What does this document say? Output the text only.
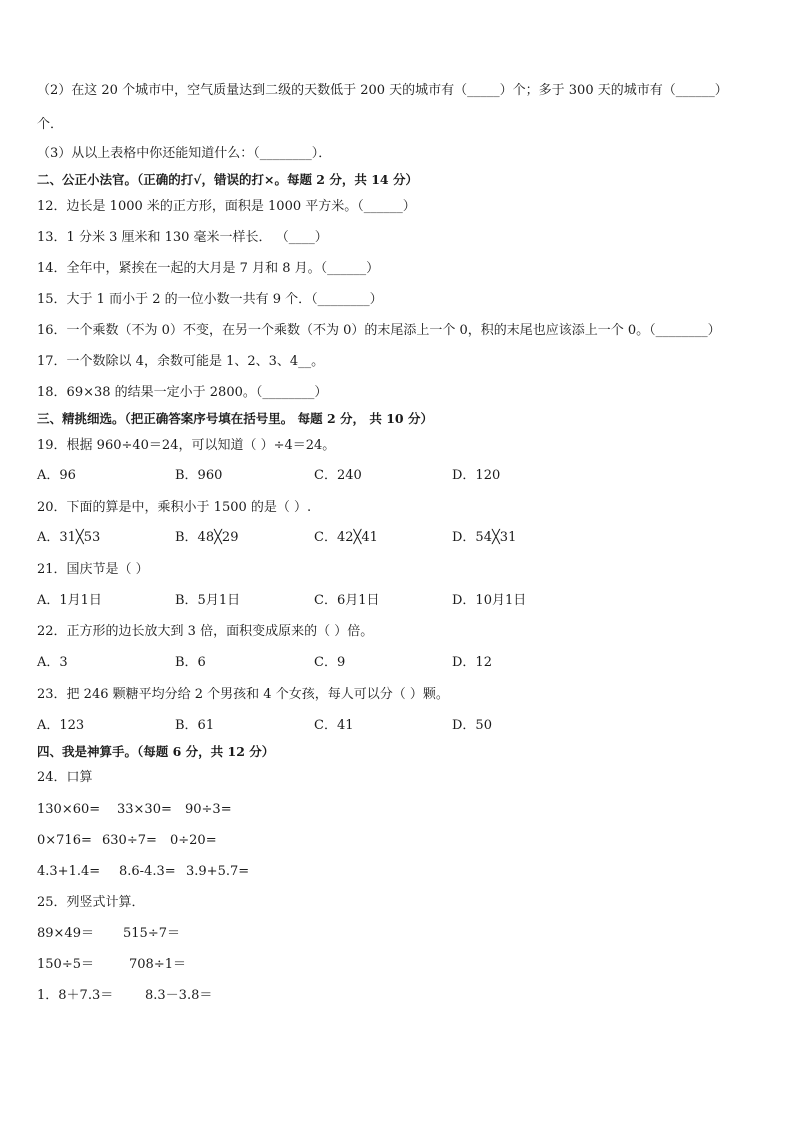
（2）在这 20 个城市中，空气质量达到二级的天数低于 200 天的城市有（_____）个；多于 300 天的城市有（______）
个．
（3）从以上表格中你还能知道什么：（________）．
二、公正小法官。（正确的打√，错误的打×。每题 2 分，共 14 分）
12．边长是 1000 米的正方形，面积是 1000 平方米。（______）
13．1 分米 3 厘米和 130 毫米一样长． （____）
14．全年中，紧挨在一起的大月是 7 月和 8 月。（______）
15．大于 1 而小于 2 的一位小数一共有 9 个．（________）
16．一个乘数（不为 0）不变，在另一个乘数（不为 0）的末尾添上一个 0，积的末尾也应该添上一个 0。（________）
17．一个数除以 4，余数可能是 1、2、3、4__。
18．69×38 的结果一定小于 2800。（________）
三、精挑细选。（把正确答案序号填在括号里。 每题 2 分， 共 10 分）
19．根据 960÷40＝24，可以知道（ ）÷4＝24。
A．96	B．960	C．240	D．120
20．下面的算是中，乘积小于 1500 的是（ ）.
A．31╳53	B．48╳29	C．42╳41	D．54╳31
21．国庆节是（ ）
A．1月1日	B．5月1日	C．6月1日	D．10月1日
22．正方形的边长放大到 3 倍，面积变成原来的（ ）倍。
A．3	B．6	C．9	D．12
23．把 246 颗糖平均分给 2 个男孩和 4 个女孩，每人可以分（ ）颗。
A．123	B．61	C．41	D．50
四、我是神算手。（每题 6 分，共 12 分）
24．口算
130×60= 33×30= 90÷3=
0×716= 630÷7= 0÷20=
4.3+1.4= 8.6-4.3= 3.9+5.7=
25．列竖式计算．
89×49＝ 515÷7＝
150÷5＝	708÷1＝
1．8＋7.3＝ 8.3－3.8＝
